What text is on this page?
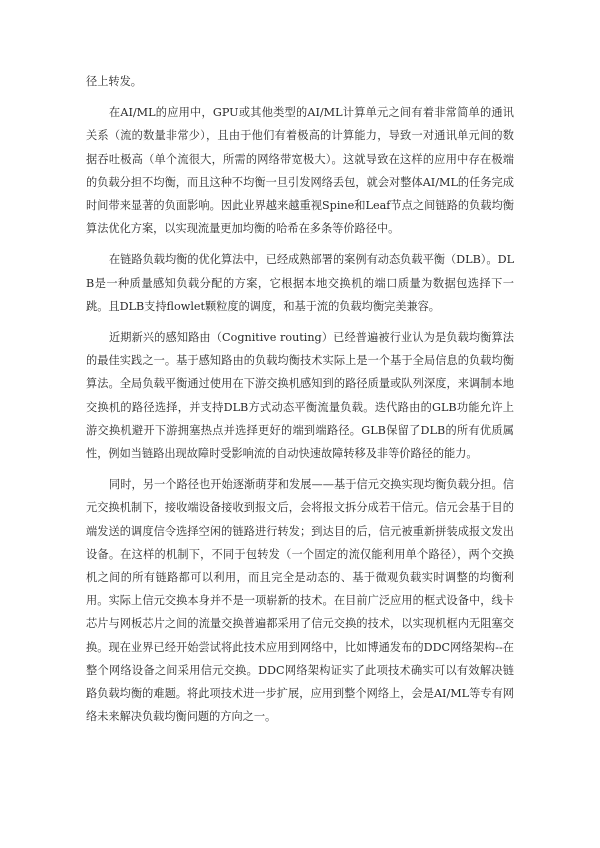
径上转发。

在AI/ML的应用中，GPU或其他类型的AI/ML计算单元之间有着非常简单的通讯关系（流的数量非常少），且由于他们有着极高的计算能力，导致一对通讯单元间的数据吞吐极高（单个流很大，所需的网络带宽极大）。这就导致在这样的应用中存在极端的负载分担不均衡，而且这种不均衡一旦引发网络丢包，就会对整体AI/ML的任务完成时间带来显著的负面影响。因此业界越来越重视Spine和Leaf节点之间链路的负载均衡算法优化方案，以实现流量更加均衡的哈希在多条等价路径中。

在链路负载均衡的优化算法中，已经成熟部署的案例有动态负载平衡（DLB）。DLB是一种质量感知负载分配的方案，它根据本地交换机的端口质量为数据包选择下一跳。且DLB支持flowlet颗粒度的调度，和基于流的负载均衡完美兼容。

近期新兴的感知路由（Cognitive routing）已经普遍被行业认为是负载均衡算法的最佳实践之一。基于感知路由的负载均衡技术实际上是一个基于全局信息的负载均衡算法。全局负载平衡通过使用在下游交换机感知到的路径质量或队列深度，来调制本地交换机的路径选择，并支持DLB方式动态平衡流量负载。迭代路由的GLB功能允许上游交换机避开下游拥塞热点并选择更好的端到端路径。GLB保留了DLB的所有优质属性，例如当链路出现故障时受影响流的自动快速故障转移及非等价路径的能力。

同时，另一个路径也开始逐渐萌芽和发展——基于信元交换实现均衡负载分担。信元交换机制下，接收端设备接收到报文后，会将报文拆分成若干信元。信元会基于目的端发送的调度信令选择空闲的链路进行转发；到达目的后，信元被重新拼装成报文发出设备。在这样的机制下，不同于包转发（一个固定的流仅能利用单个路径），两个交换机之间的所有链路都可以利用，而且完全是动态的、基于微观负载实时调整的均衡利用。实际上信元交换本身并不是一项崭新的技术。在目前广泛应用的框式设备中，线卡芯片与网板芯片之间的流量交换普遍都采用了信元交换的技术，以实现机框内无阻塞交换。现在业界已经开始尝试将此技术应用到网络中，比如博通发布的DDC网络架构--在整个网络设备之间采用信元交换。DDC网络架构证实了此项技术确实可以有效解决链路负载均衡的难题。将此项技术进一步扩展，应用到整个网络上，会是AI/ML等专有网络未来解决负载均衡问题的方向之一。
